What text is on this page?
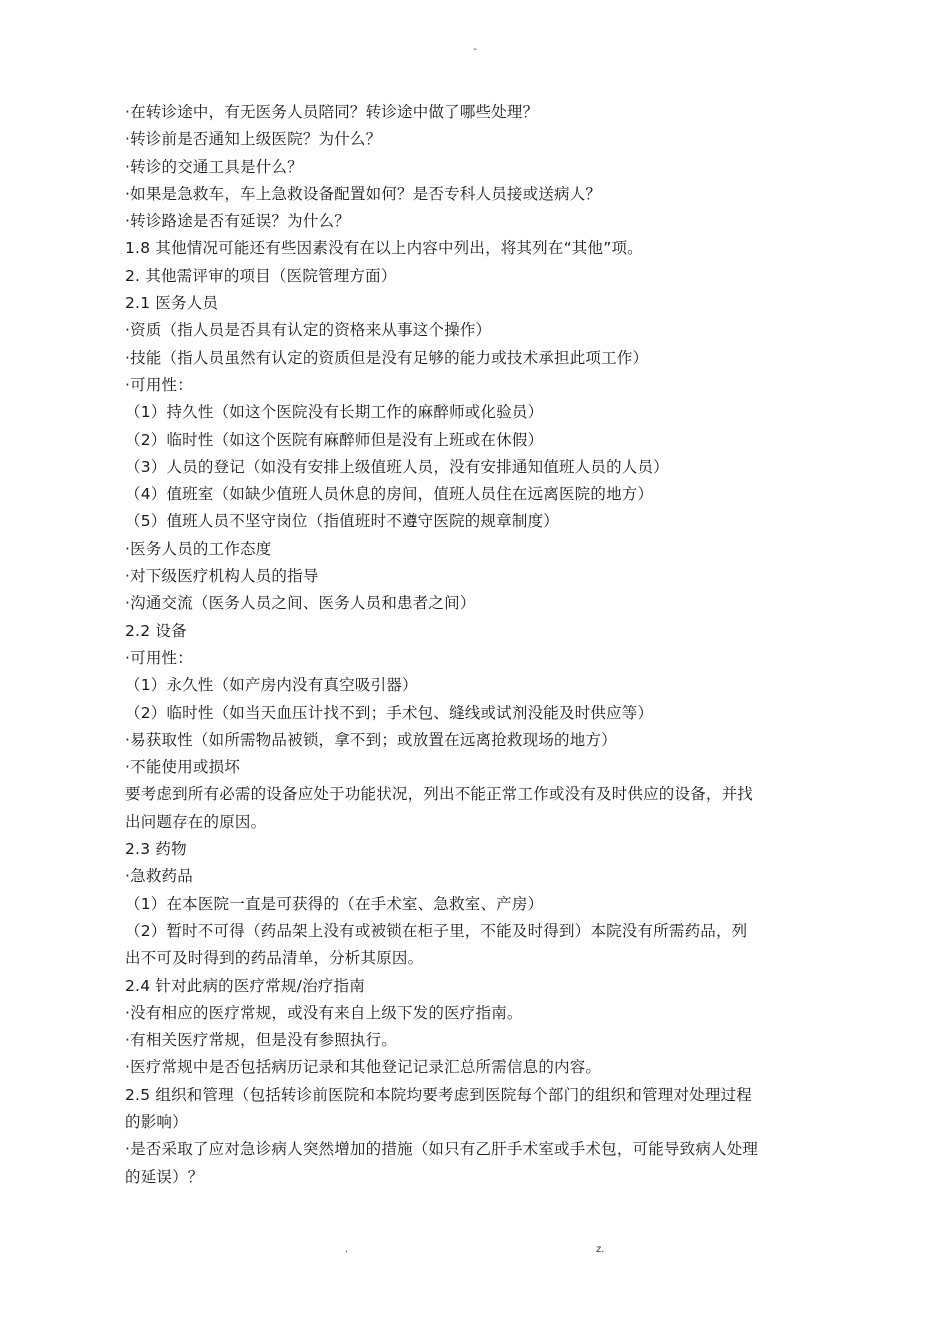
-
·在转诊途中，有无医务人员陪同？转诊途中做了哪些处理？
·转诊前是否通知上级医院？为什么？
·转诊的交通工具是什么？
·如果是急救车，车上急救设备配置如何？是否专科人员接或送病人？
·转诊路途是否有延误？为什么？
1.8 其他情况可能还有些因素没有在以上内容中列出，将其列在“其他”项。
2. 其他需评审的项目（医院管理方面）
2.1 医务人员
·资质（指人员是否具有认定的资格来从事这个操作）
·技能（指人员虽然有认定的资质但是没有足够的能力或技术承担此项工作）
·可用性：
（1）持久性（如这个医院没有长期工作的麻醉师或化验员）
（2）临时性（如这个医院有麻醉师但是没有上班或在休假）
（3）人员的登记（如没有安排上级值班人员，没有安排通知值班人员的人员）
（4）值班室（如缺少值班人员休息的房间，值班人员住在远离医院的地方）
（5）值班人员不坚守岗位（指值班时不遵守医院的规章制度）
·医务人员的工作态度
·对下级医疗机构人员的指导
·沟通交流（医务人员之间、医务人员和患者之间）
2.2 设备
·可用性：
（1）永久性（如产房内没有真空吸引器）
（2）临时性（如当天血压计找不到；手术包、缝线或试剂没能及时供应等）
·易获取性（如所需物品被锁，拿不到；或放置在远离抢救现场的地方）
·不能使用或损坏
要考虑到所有必需的设备应处于功能状况，列出不能正常工作或没有及时供应的设备，并找
出问题存在的原因。
2.3 药物
·急救药品
（1）在本医院一直是可获得的（在手术室、急救室、产房）
（2）暂时不可得（药品架上没有或被锁在柜子里，不能及时得到）本院没有所需药品，列
出不可及时得到的药品清单，分析其原因。
2.4 针对此病的医疗常规/治疗指南
·没有相应的医疗常规，或没有来自上级下发的医疗指南。
·有相关医疗常规，但是没有参照执行。
·医疗常规中是否包括病历记录和其他登记记录汇总所需信息的内容。
2.5 组织和管理（包括转诊前医院和本院均要考虑到医院每个部门的组织和管理对处理过程
的影响）
·是否采取了应对急诊病人突然增加的措施（如只有乙肝手术室或手术包，可能导致病人处理
的延误）？
.	z.
